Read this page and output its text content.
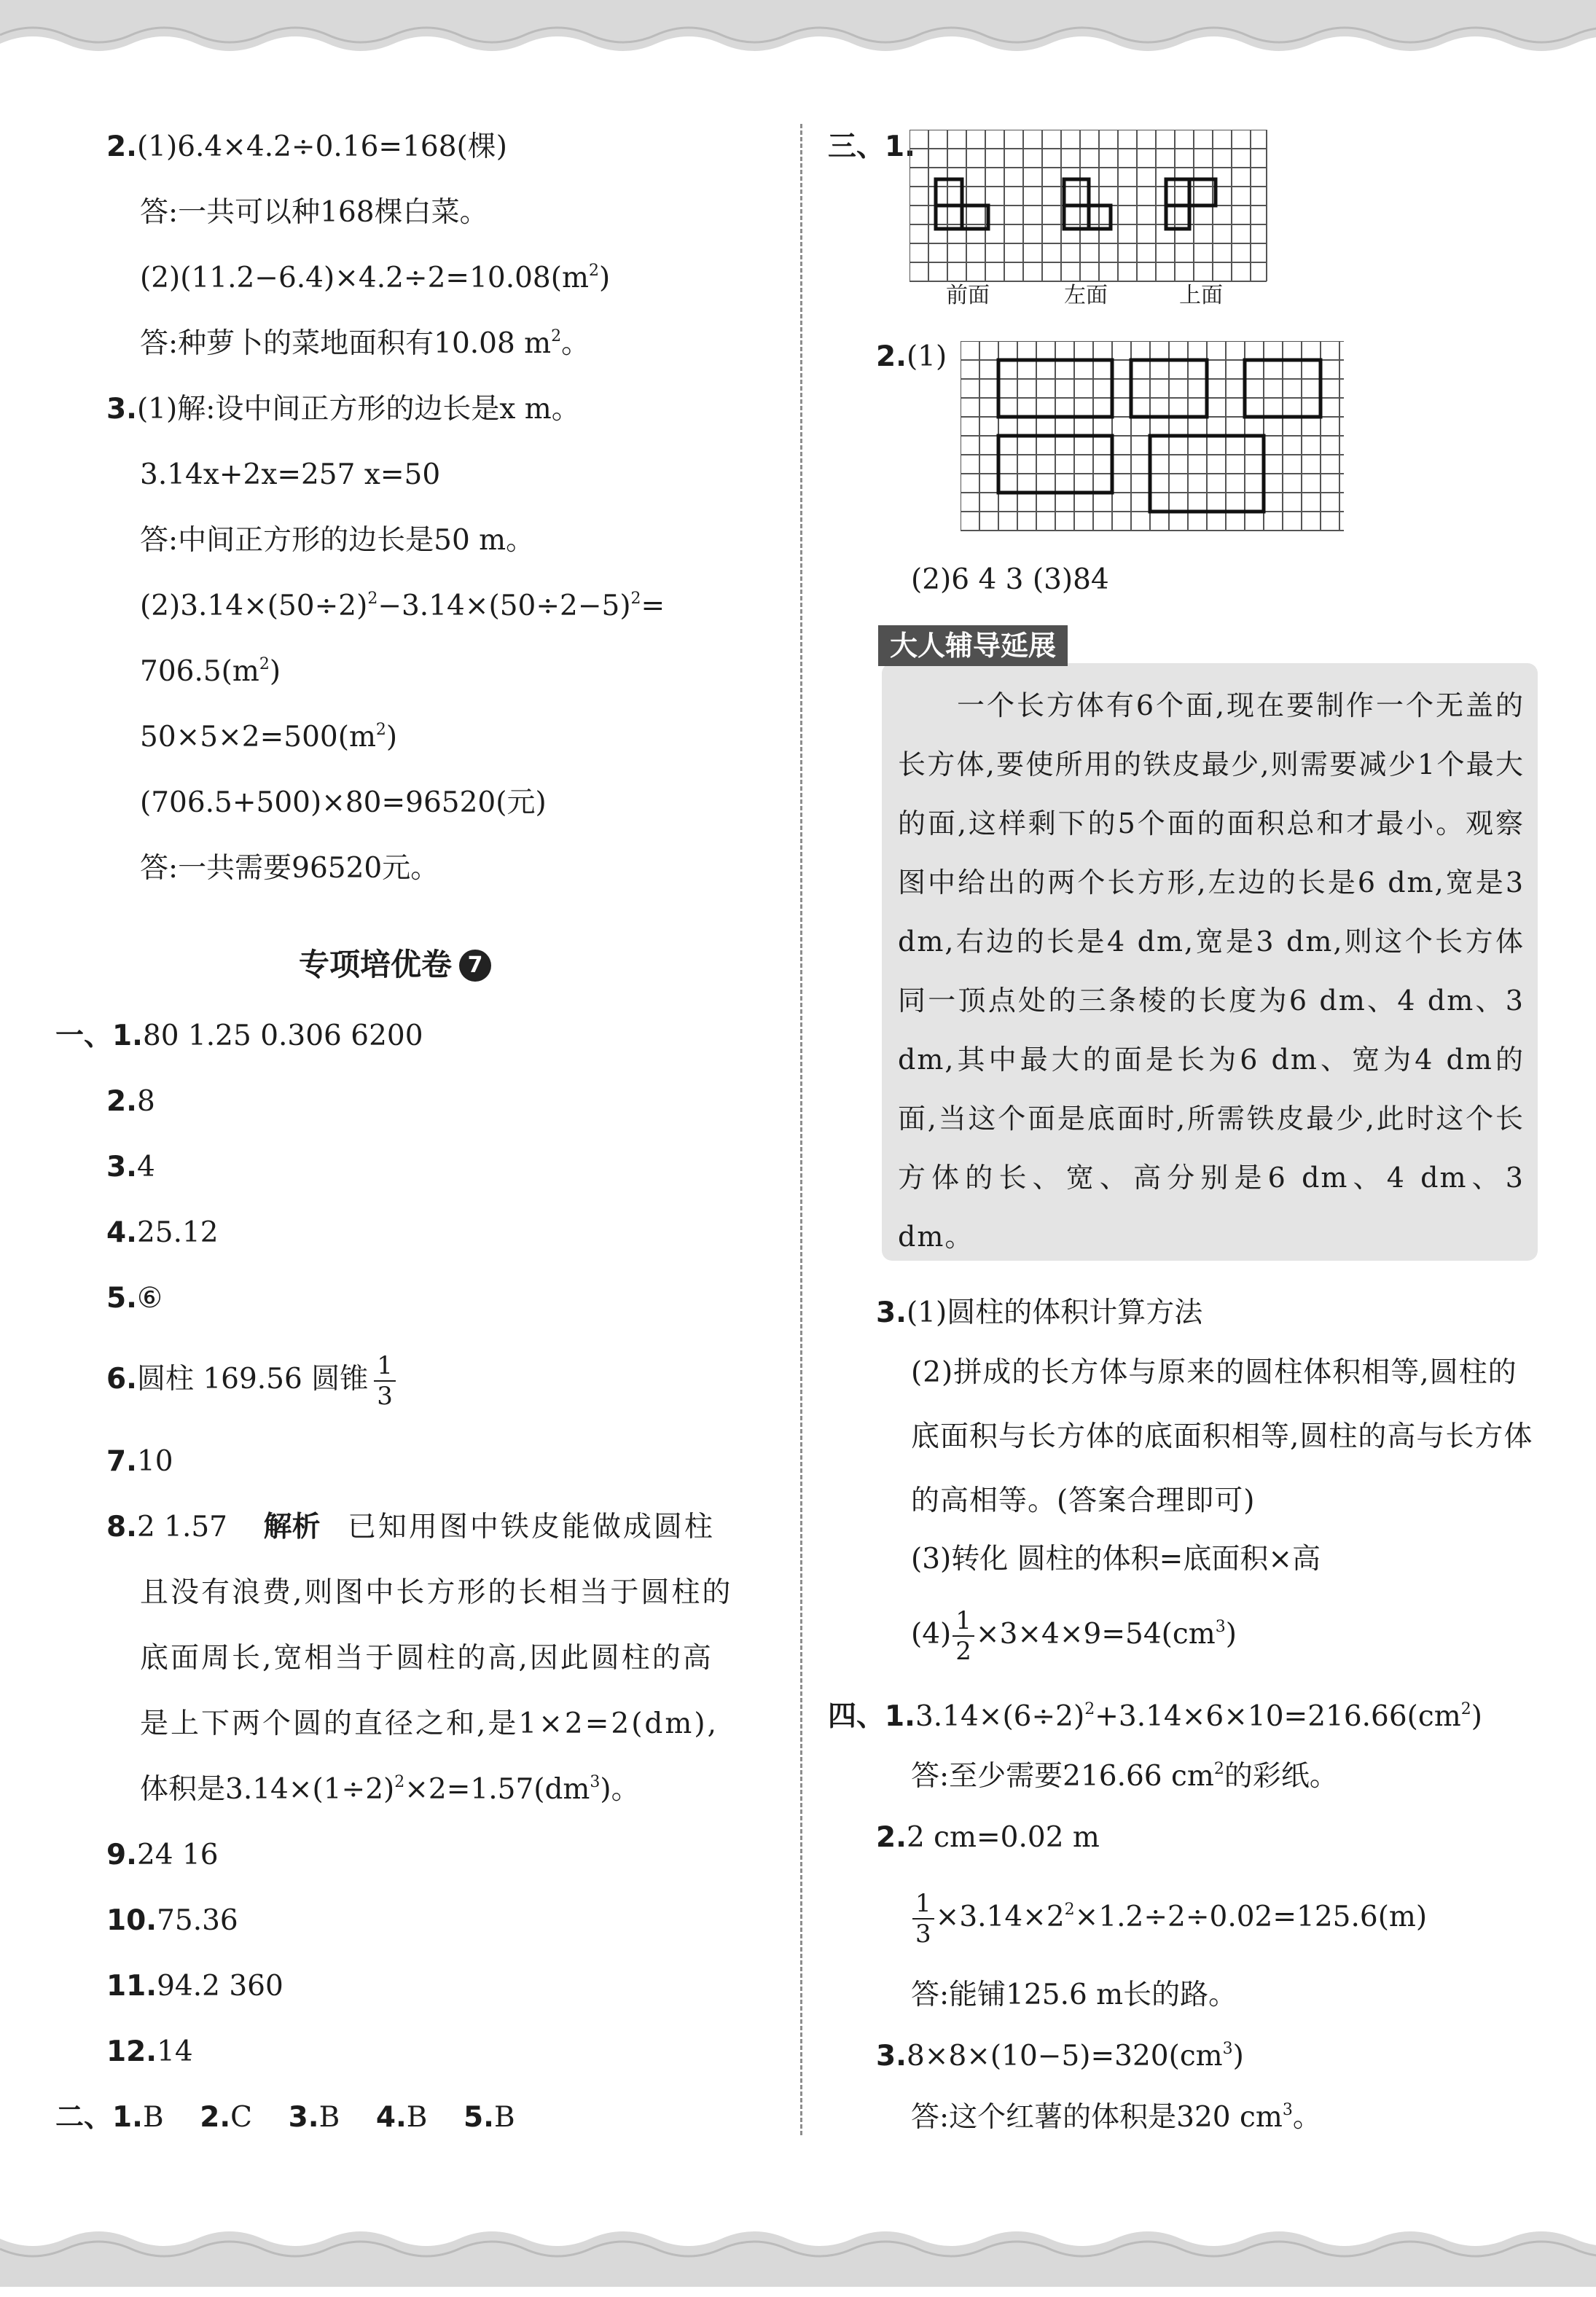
2.(1)6.4×4.2÷0.16=168(棵)
答:一共可以种168棵白菜。
$(2)(11.2-6.4)\times 4.2\div 2=10.08(m^2)$
答:种萝卜的菜地面积有10.08 $m^2$。
3.(1)解:设中间正方形的边长是x m。
3.14x+2x=257 x=50
答:中间正方形的边长是50 m。
$(2)3.14\times(50\div 2)^2-3.14\times(50\div 2-5)^2=$
$706.5(m^2)$
$50\times 5\times 2=500(m^2)$
(706.5+500)×80=96520(元)
答:一共需要96520元。
专项培优卷 7
一、1.80 1.25 0.306 6200
2.8
3.4
4.25.12
5.⑥
6.圆柱 169.56 圆锥 $\frac{1}{3}$
7.10
8.2 1.57 解析 已知用图中铁皮能做成圆柱
且没有浪费,则图中长方形的长相当于圆柱的
底面周长,宽相当于圆柱的高,因此圆柱的高
是上下两个圆的直径之和,是1×2=2(dm),
体积是$3.14\times(1\div 2)^2\times 2=1.57(dm^3)$。
9.24 16
10.75.36
11.94.2 360
12.14
二、1.B 2.C 3.B 4.B 5.B
三、1.
前面	左面	上面
2.(1)
(2)6 4 3 (3)84
大人辅导延展
一个长方体有6个面,现在要制作一个无盖的长方体,要使所用的铁皮最少,则需要减少1个最大的面,这样剩下的5个面的面积总和才最小。观察图中给出的两个长方形,左边的长是6 dm,宽是3 dm,右边的长是4 dm,宽是3 dm,则这个长方体同一顶点处的三条棱的长度为6 dm、4 dm、3 dm,其中最大的面是长为6 dm、宽为4 dm的面,当这个面是底面时,所需铁皮最少,此时这个长方体的长、宽、高分别是6 dm、4 dm、3 dm。
3.(1)圆柱的体积计算方法
(2)拼成的长方体与原来的圆柱体积相等,圆柱的底面积与长方体的底面积相等,圆柱的高与长方体的高相等。(答案合理即可)
(3)转化 圆柱的体积=底面积×高
$(4) \frac{1}{2} \times 3\times 4\times 9=54(cm^3)$
四、$1.3.14\times(6\div 2)^2+3.14\times 6\times 10=216.66(cm^2)$
答:至少需要216.66 $cm^2$的彩纸。
2.2 cm=0.02 m
$\frac{1}{3} \times 3.14\times 2^2\times 1.2\div 2\div 0.02=125.6(m)$
答:能铺125.6 m长的路。
$3.8\times 8\times(10-5)=320(cm^3)$
答:这个红薯的体积是320 $cm^3$。
